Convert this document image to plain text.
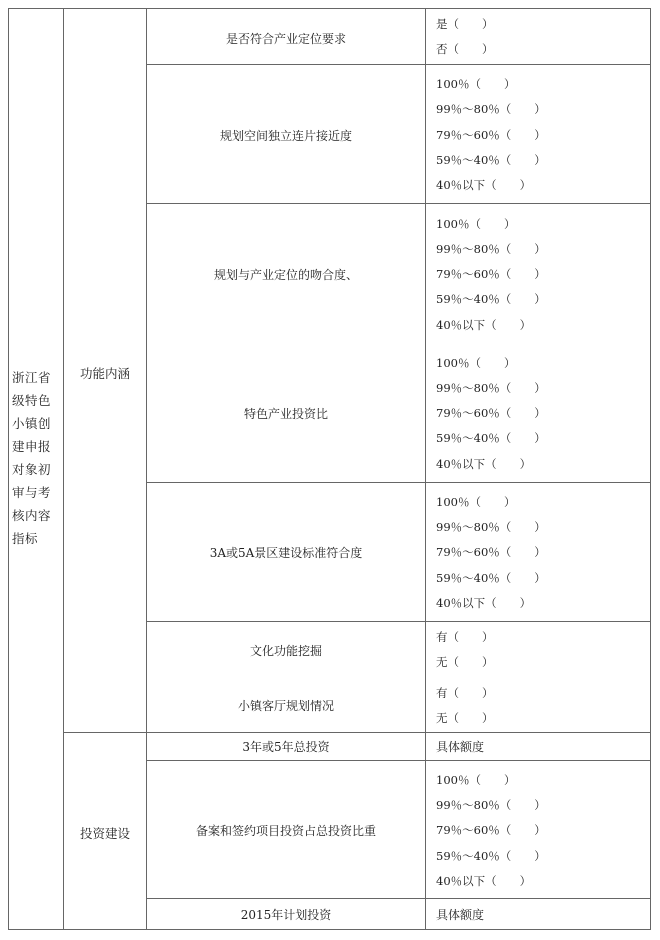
浙江省
级特色
小镇创
建申报
对象初
审与考
核内容
指标
功能内涵
投资建设
是否符合产业定位要求
规划空间独立连片接近度
规划与产业定位的吻合度、
特色产业投资比
3A或5A景区建设标准符合度
文化功能挖掘
小镇客厅规划情况
3年或5年总投资
备案和签约项目投资占总投资比重
2015年计划投资
是（　　）
否（　　）
100％（　　）
99％～80％（　　）
79％～60％（　　）
59％～40％（　　）
40％以下（　　）
100％（　　）
99％～80％（　　）
79％～60％（　　）
59％～40％（　　）
40％以下（　　）
100％（　　）
99％～80％（　　）
79％～60％（　　）
59％～40％（　　）
40％以下（　　）
100％（　　）
99％～80％（　　）
79％～60％（　　）
59％～40％（　　）
40％以下（　　）
有（　　）
无（　　）
有（　　）
无（　　）
具体额度
100％（　　）
99％～80％（　　）
79％～60％（　　）
59％～40％（　　）
40％以下（　　）
具体额度
